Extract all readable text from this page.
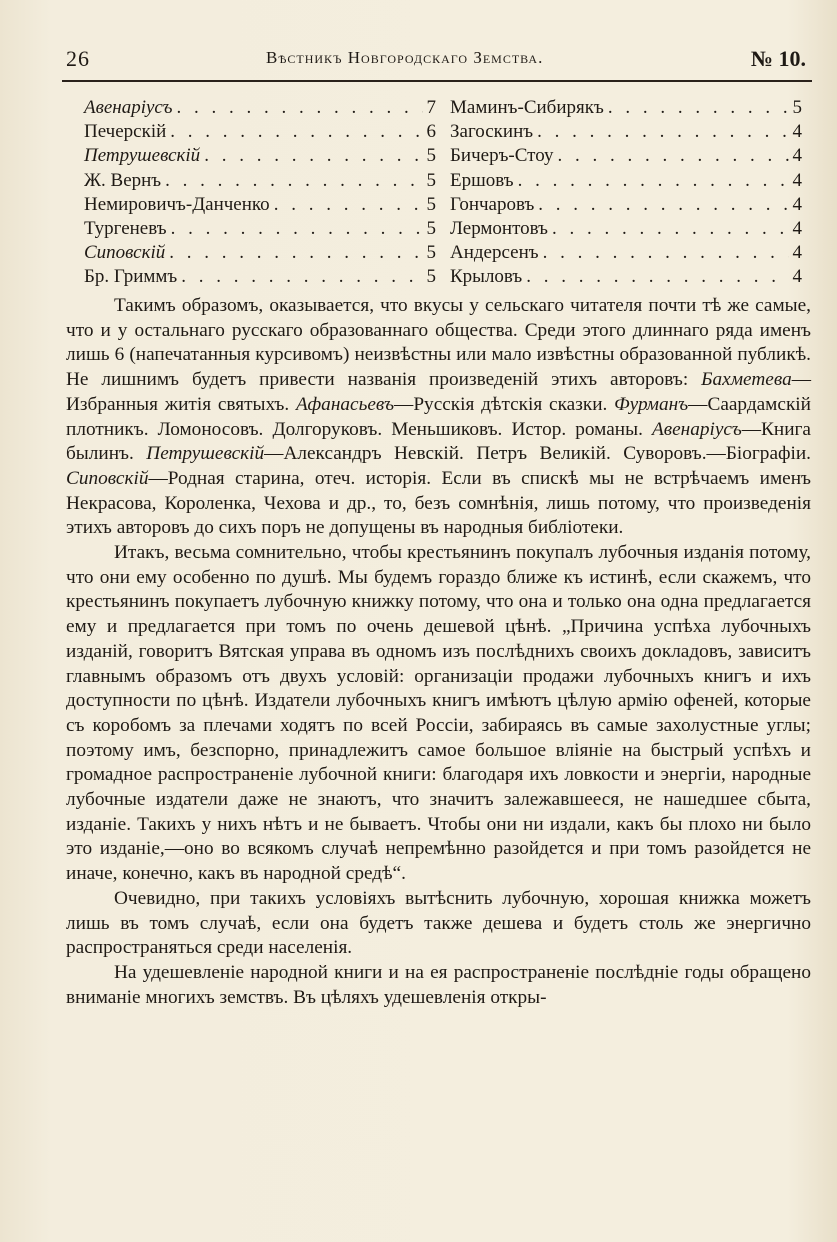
26	Вѣстникъ Новгородскаго Земства.	№ 10.
Авенаріусъ . . .	7
Печерскій . . .	6
Петрушевскій . . .	5
Ж. Вернъ . . .	5
Немировичъ-Данченко . . .	5
Тургеневъ . . .	5
Сиповскій . . .	5
Бр. Гриммъ . . .	5
Маминъ-Сибирякъ . . .	5
Загоскинъ . . .	4
Бичеръ-Стоу . . .	4
Ершовъ . . .	4
Гончаровъ . . .	4
Лермонтовъ . . .	4
Андерсенъ . . .	4
Крыловъ . . .	4

Такимъ образомъ, оказывается, что вкусы у сельскаго читателя почти тѣ же самые, что и у остальнаго русскаго образованнаго общества. Среди этого длиннаго ряда именъ лишь 6 (напечатанныя курсивомъ) неизвѣстны или мало извѣстны образованной публикѣ. Не лишнимъ будетъ привести названія произведеній этихъ авторовъ: Бахметева—Избранныя житія святыхъ. Афанасьевъ—Русскія дѣтскія сказки. Фурманъ—Саардамскій плотникъ. Ломоносовъ. Долгоруковъ. Меньшиковъ. Истор. романы. Авенаріусъ—Книга былинъ. Петрушевскій—Александръ Невскій. Петръ Великій. Суворовъ.—Біографіи. Сиповскій—Родная старина, отеч. исторія. Если въ спискѣ мы не встрѣчаемъ именъ Некрасова, Короленка, Чехова и др., то, безъ сомнѣнія, лишь потому, что произведенія этихъ авторовъ до сихъ поръ не допущены въ народныя библіотеки.

Итакъ, весьма сомнительно, чтобы крестьянинъ покупалъ лубочныя изданія потому, что они ему особенно по душѣ. Мы будемъ гораздо ближе къ истинѣ, если скажемъ, что крестьянинъ покупаетъ лубочную книжку потому, что она и только она одна предлагается ему и предлагается при томъ по очень дешевой цѣнѣ. „Причина успѣха лубочныхъ изданій, говоритъ Вятская управа въ одномъ изъ послѣднихъ своихъ докладовъ, зависитъ главнымъ образомъ отъ двухъ условій: организаціи продажи лубочныхъ книгъ и ихъ доступности по цѣнѣ. Издатели лубочныхъ книгъ имѣютъ цѣлую армію офеней, которые съ коробомъ за плечами ходятъ по всей Россіи, забираясь въ самые захолустные углы; поэтому имъ, безспорно, принадлежитъ самое большое вліяніе на быстрый успѣхъ и громадное распространеніе лубочной книги: благодаря ихъ ловкости и энергіи, народные лубочные издатели даже не знаютъ, что значитъ залежавшееся, не нашедшее сбыта, изданіе. Такихъ у нихъ нѣтъ и не бываетъ. Чтобы они ни издали, какъ бы плохо ни было это изданіе,—оно во всякомъ случаѣ непремѣнно разойдется и при томъ разойдется не иначе, конечно, какъ въ народной средѣ“.

Очевидно, при такихъ условіяхъ вытѣснить лубочную, хорошая книжка можетъ лишь въ томъ случаѣ, если она будетъ также дешева и будетъ столь же энергично распространяться среди населенія.

На удешевленіе народной книги и на ея распространеніе послѣдніе годы обращено вниманіе многихъ земствъ. Въ цѣляхъ удешевленія откры-
